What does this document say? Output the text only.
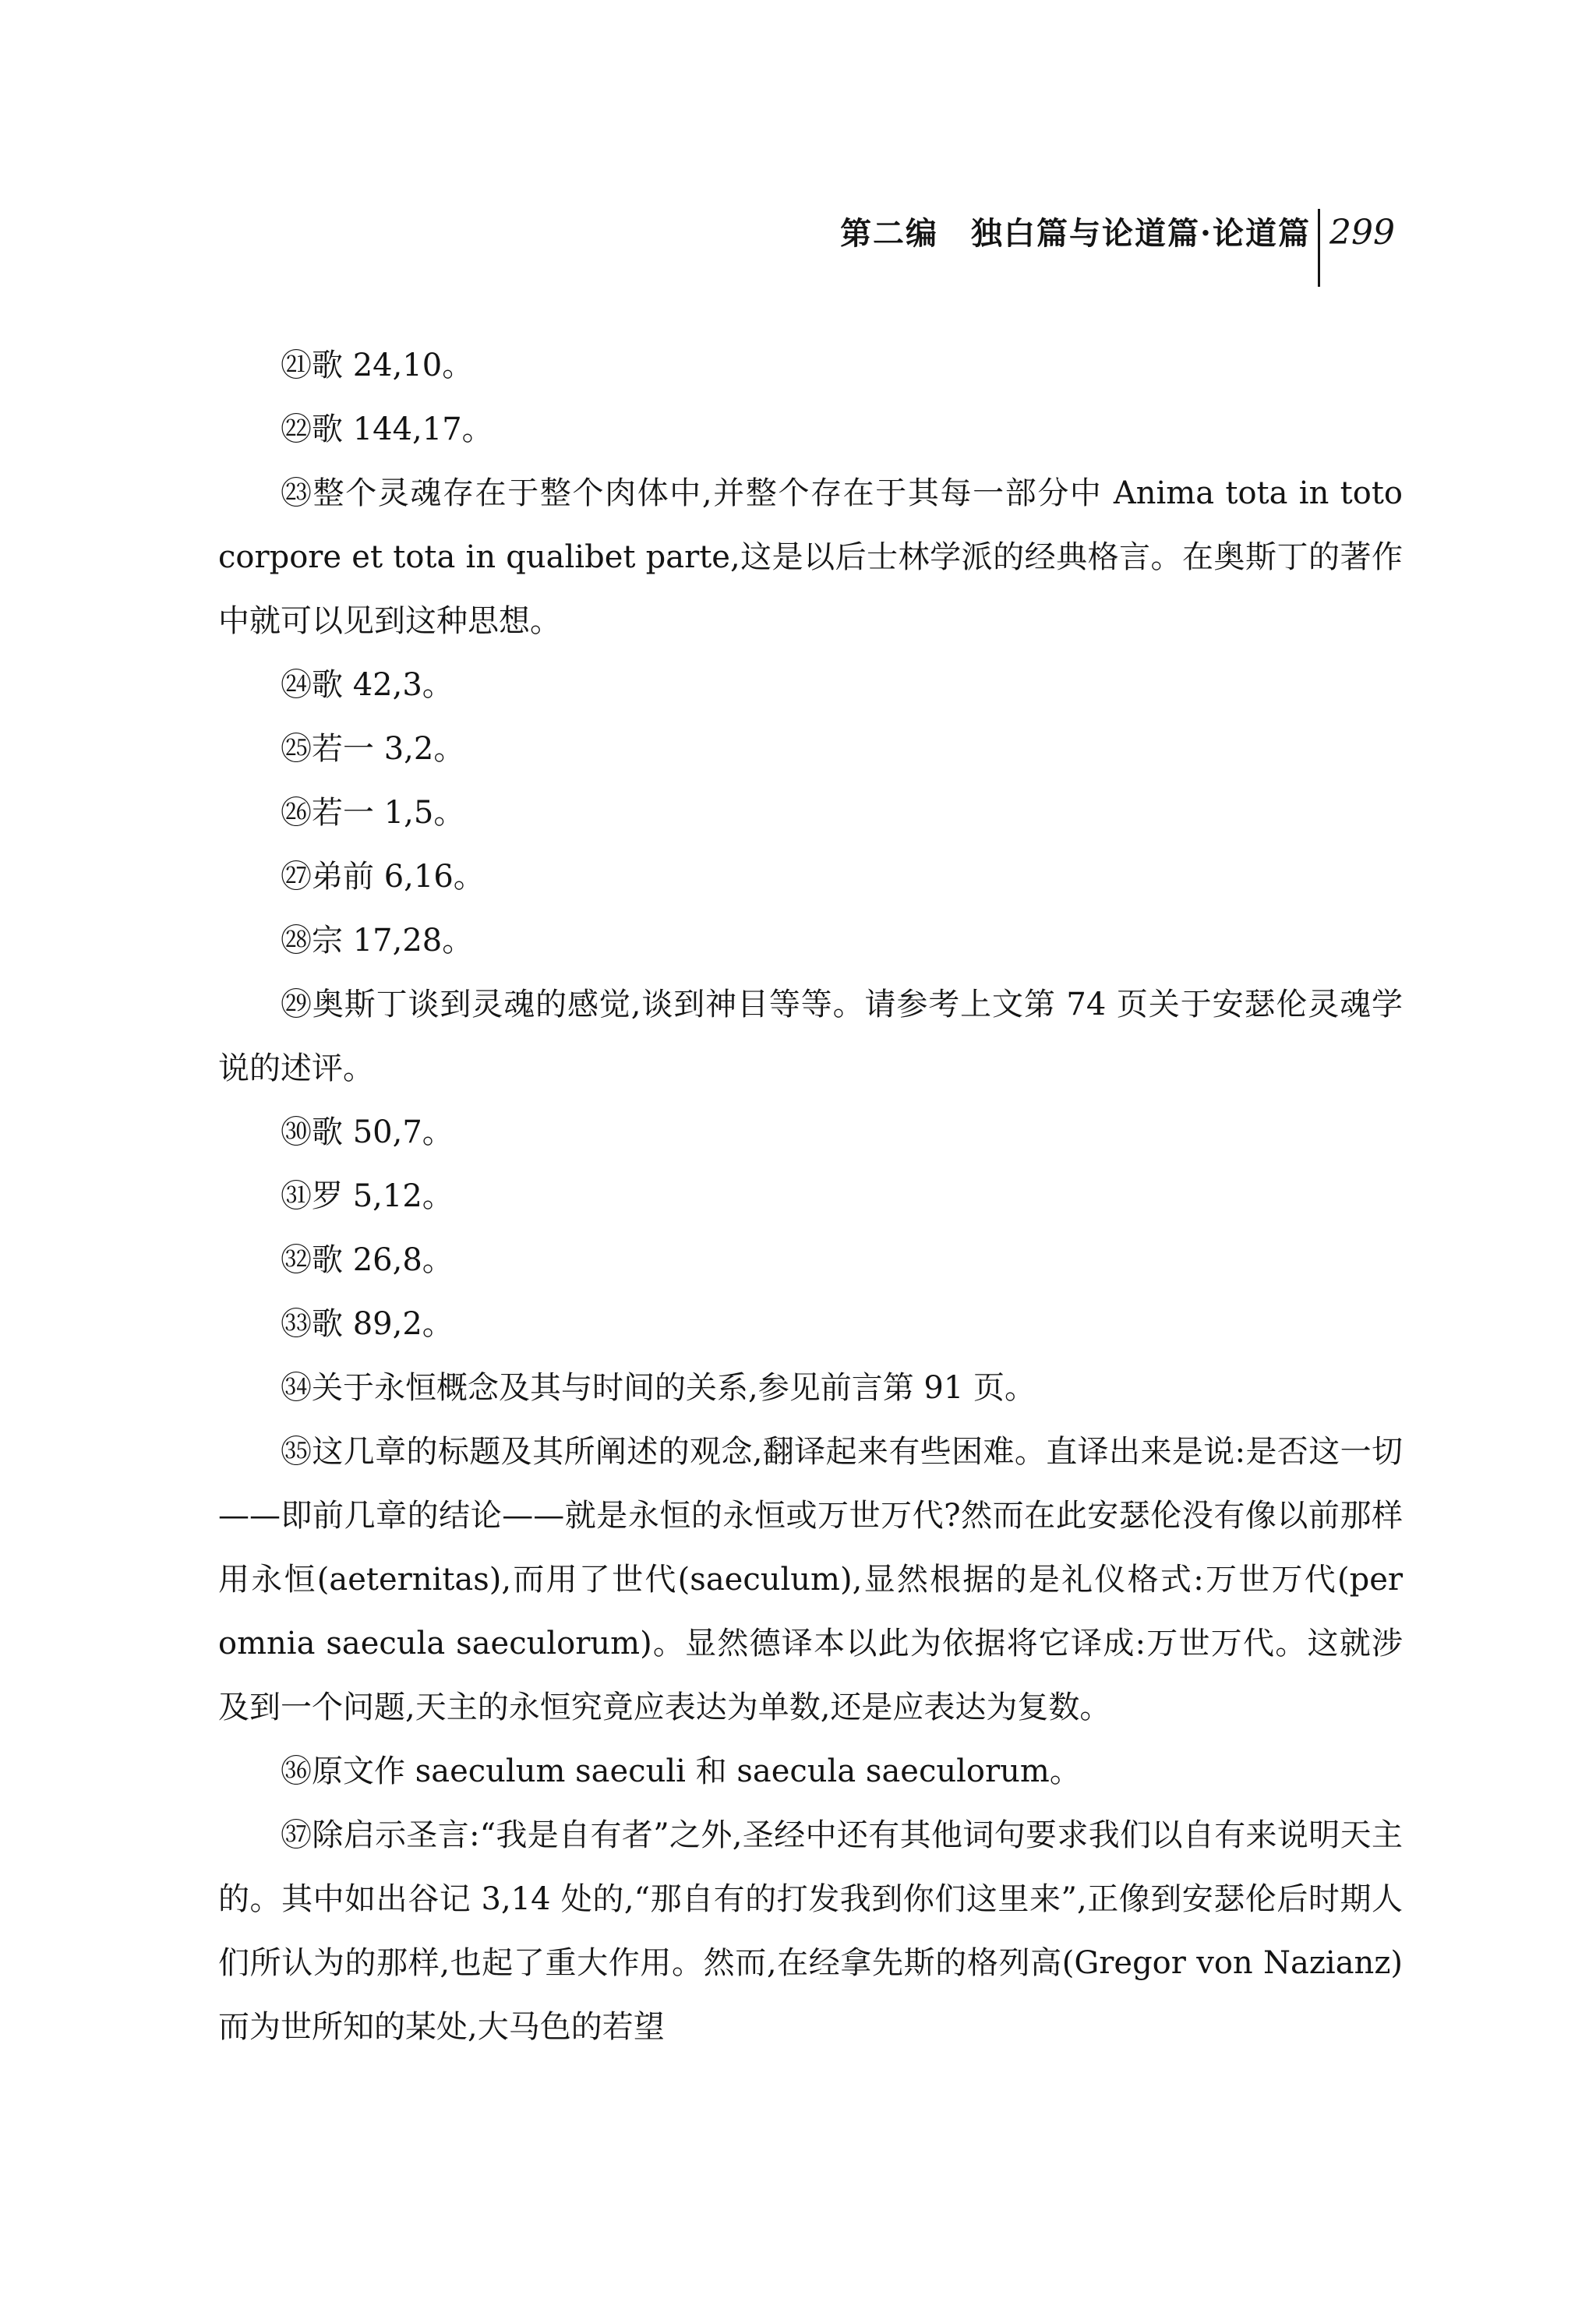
第二编　独白篇与论道篇·论道篇 299

㉑歌 24,10。

㉒歌 144,17。

㉓整个灵魂存在于整个肉体中,并整个存在于其每一部分中 Anima tota in toto corpore et tota in qualibet parte,这是以后士林学派的经典格言。在奥斯丁的著作中就可以见到这种思想。

㉔歌 42,3。

㉕若一 3,2。

㉖若一 1,5。

㉗弟前 6,16。

㉘宗 17,28。

㉙奥斯丁谈到灵魂的感觉,谈到神目等等。请参考上文第 74 页关于安瑟伦灵魂学说的述评。

㉚歌 50,7。

㉛罗 5,12。

㉜歌 26,8。

㉝歌 89,2。

㉞关于永恒概念及其与时间的关系,参见前言第 91 页。

㉟这几章的标题及其所阐述的观念,翻译起来有些困难。直译出来是说:是否这一切——即前几章的结论——就是永恒的永恒或万世万代?然而在此安瑟伦没有像以前那样用永恒(aeternitas),而用了世代(saeculum),显然根据的是礼仪格式:万世万代(per omnia saecula saeculorum)。显然德译本以此为依据将它译成:万世万代。这就涉及到一个问题,天主的永恒究竟应表达为单数,还是应表达为复数。

㊱原文作 saeculum saeculi 和 saecula saeculorum。

㊲除启示圣言:“我是自有者”之外,圣经中还有其他词句要求我们以自有来说明天主的。其中如出谷记 3,14 处的,“那自有的打发我到你们这里来”,正像到安瑟伦后时期人们所认为的那样,也起了重大作用。然而,在经拿先斯的格列高(Gregor von Nazianz)而为世所知的某处,大马色的若望
